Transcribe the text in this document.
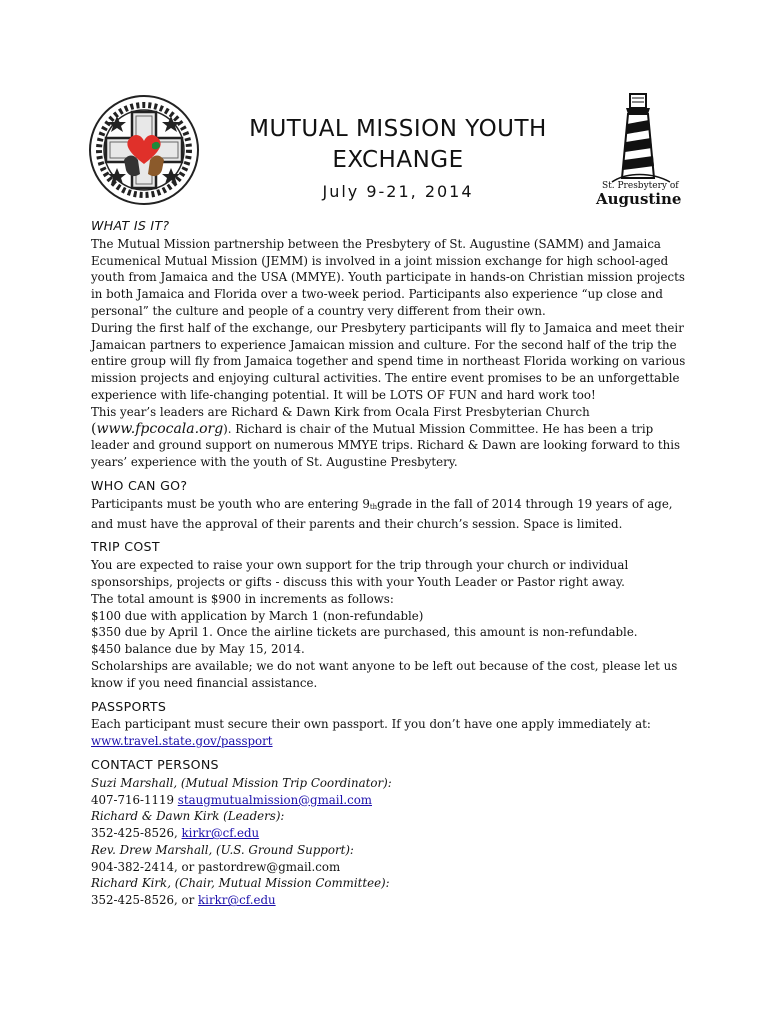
MUTUAL MISSION YOUTH
EXCHANGE
July 9-21, 2014	St. Presbytery of
Augustine
WHAT IS IT?

The Mutual Mission partnership between the Presbytery of St. Augustine (SAMM) and Jamaica Ecumenical Mutual Mission (JEMM) is involved in a joint mission exchange for high school-aged youth from Jamaica and the USA (MMYE). Youth participate in hands-on Christian mission projects in both Jamaica and Florida over a two-week period. Participants also experience “up close and personal” the culture and people of a country very different from their own.

During the first half of the exchange, our Presbytery participants will fly to Jamaica and meet their Jamaican partners to experience Jamaican mission and culture. For the second half of the trip the entire group will fly from Jamaica together and spend time in northeast Florida working on various mission projects and enjoying cultural activities. The entire event promises to be an unforgettable experience with life-changing potential. It will be LOTS OF FUN and hard work too!

This year’s leaders are Richard & Dawn Kirk from Ocala First Presbyterian Church (www.fpcocala.org). Richard is chair of the Mutual Mission Committee. He has been a trip leader and ground support on numerous MMYE trips. Richard & Dawn are looking forward to this years’ experience with the youth of St. Augustine Presbytery.

WHO CAN GO?

Participants must be youth who are entering 9thgrade in the fall of 2014 through 19 years of age, and must have the approval of their parents and their church’s session. Space is limited.

TRIP COST

You are expected to raise your own support for the trip through your church or individual sponsorships, projects or gifts - discuss this with your Youth Leader or Pastor right away.

The total amount is $900 in increments as follows:

$100 due with application by March 1 (non-refundable)

$350 due by April 1. Once the airline tickets are purchased, this amount is non-refundable.

$450 balance due by May 15, 2014.

Scholarships are available; we do not want anyone to be left out because of the cost, please let us know if you need financial assistance.

PASSPORTS

Each participant must secure their own passport. If you don’t have one apply immediately at:

www.travel.state.gov/passport

CONTACT PERSONS

Suzi Marshall, (Mutual Mission Trip Coordinator):

407-716-1119 staugmutualmission@gmail.com

Richard & Dawn Kirk (Leaders):

352-425-8526, kirkr@cf.edu

Rev. Drew Marshall, (U.S. Ground Support):

904-382-2414, or pastordrew@gmail.com

Richard Kirk, (Chair, Mutual Mission Committee):

352-425-8526, or kirkr@cf.edu
